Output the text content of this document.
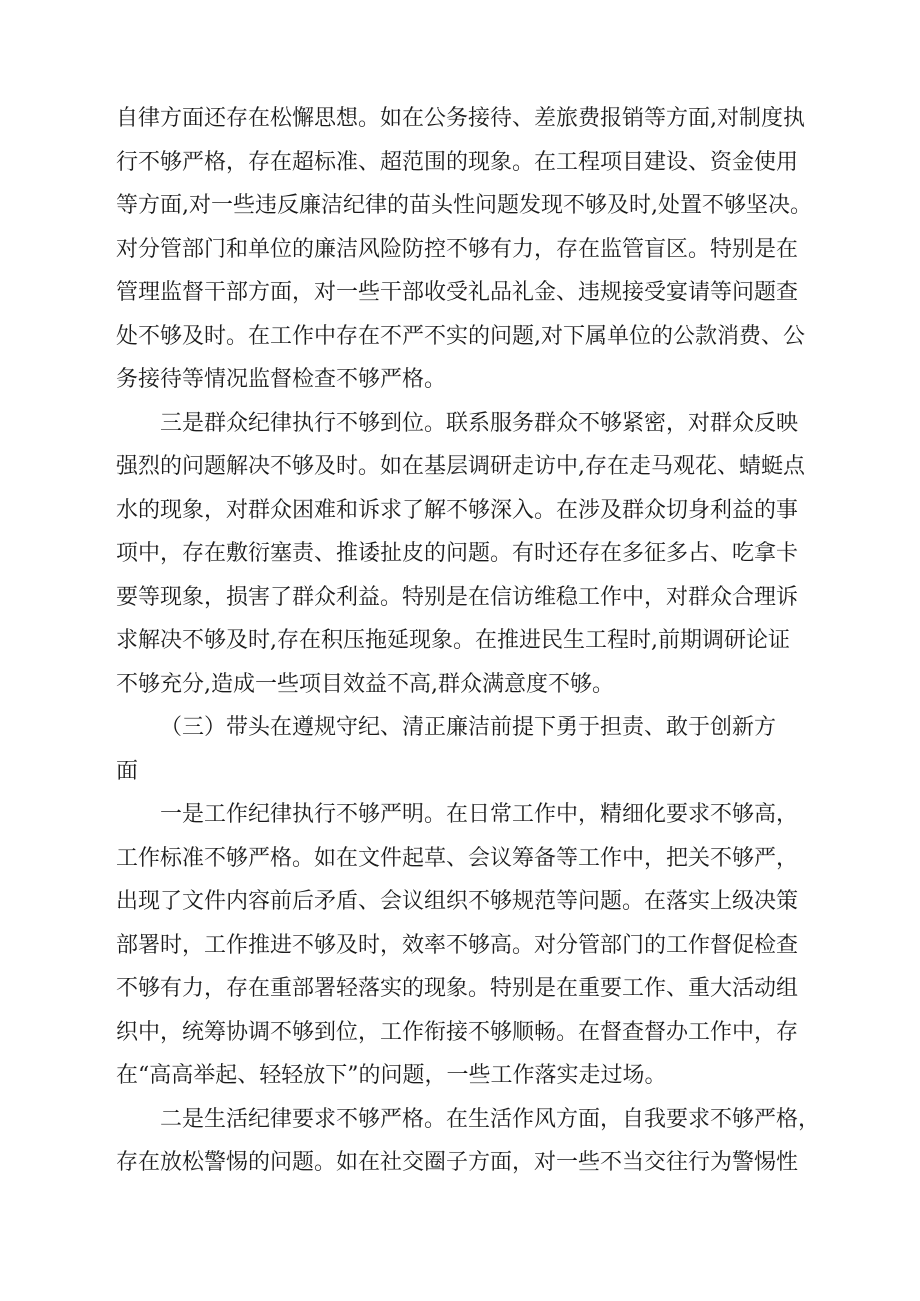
自律方面还存在松懈思想。如在公务接待、差旅费报销等方面,对制度执
行不够严格，存在超标准、超范围的现象。在工程项目建设、资金使用
等方面,对一些违反廉洁纪律的苗头性问题发现不够及时,处置不够坚决。
对分管部门和单位的廉洁风险防控不够有力，存在监管盲区。特别是在
管理监督干部方面，对一些干部收受礼品礼金、违规接受宴请等问题查
处不够及时。在工作中存在不严不实的问题,对下属单位的公款消费、公
务接待等情况监督检查不够严格。

三是群众纪律执行不够到位。联系服务群众不够紧密，对群众反映
强烈的问题解决不够及时。如在基层调研走访中,存在走马观花、蜻蜓点
水的现象，对群众困难和诉求了解不够深入。在涉及群众切身利益的事
项中，存在敷衍塞责、推诿扯皮的问题。有时还存在多征多占、吃拿卡
要等现象，损害了群众利益。特别是在信访维稳工作中，对群众合理诉
求解决不够及时,存在积压拖延现象。在推进民生工程时,前期调研论证
不够充分,造成一些项目效益不高,群众满意度不够。

（三）带头在遵规守纪、清正廉洁前提下勇于担责、敢于创新方
面

一是工作纪律执行不够严明。在日常工作中，精细化要求不够高，
工作标准不够严格。如在文件起草、会议筹备等工作中，把关不够严，
出现了文件内容前后矛盾、会议组织不够规范等问题。在落实上级决策
部署时，工作推进不够及时，效率不够高。对分管部门的工作督促检查
不够有力，存在重部署轻落实的现象。特别是在重要工作、重大活动组
织中，统筹协调不够到位，工作衔接不够顺畅。在督查督办工作中，存
在“高高举起、轻轻放下”的问题，一些工作落实走过场。

二是生活纪律要求不够严格。在生活作风方面，自我要求不够严格，
存在放松警惕的问题。如在社交圈子方面，对一些不当交往行为警惕性
